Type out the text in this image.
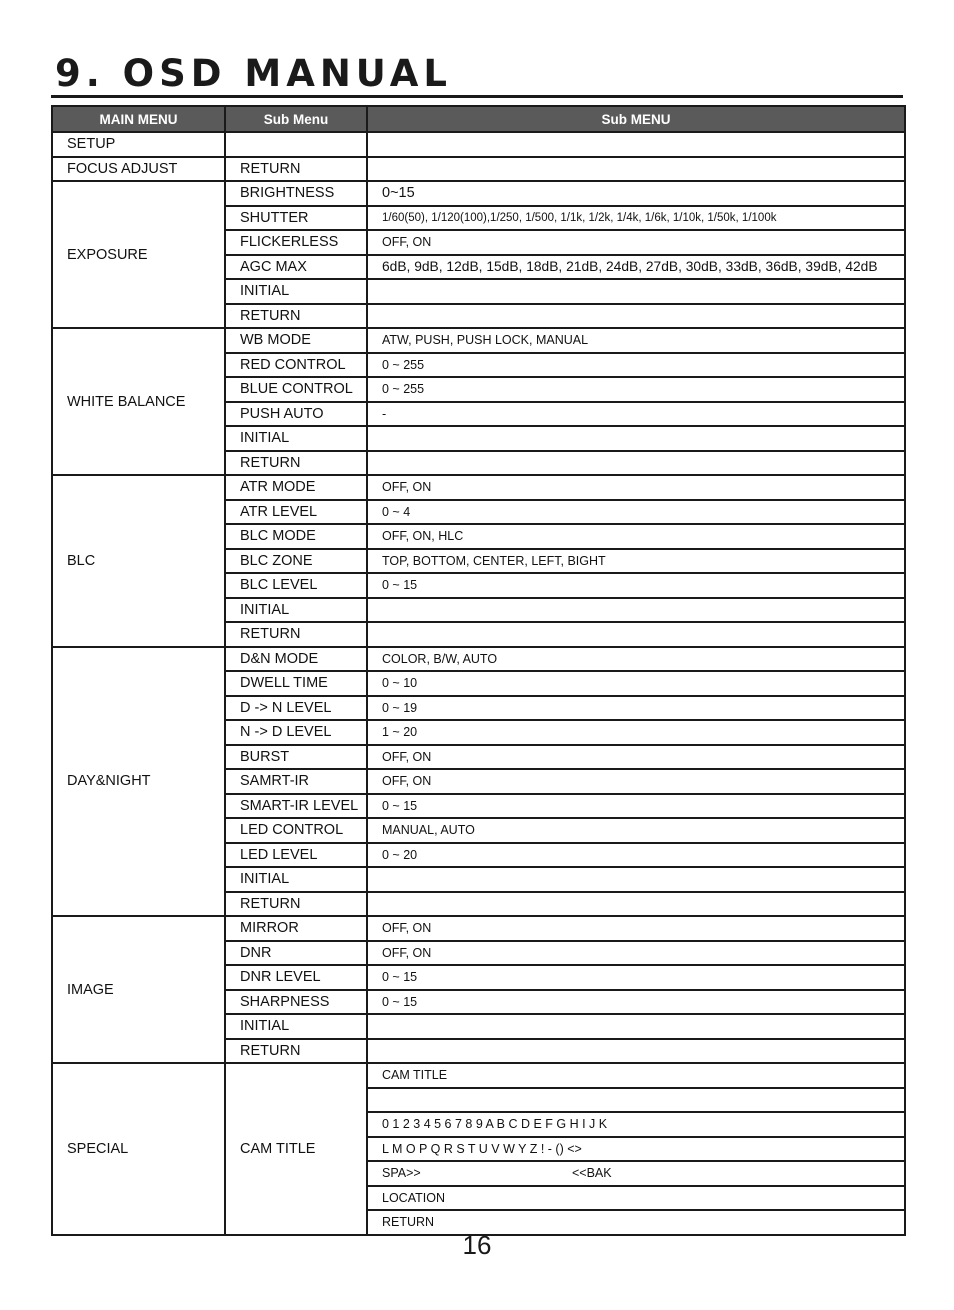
9. OSD MANUAL
MAIN MENU	Sub Menu	Sub MENU
SETUP		
FOCUS ADJUST	RETURN	
EXPOSURE	BRIGHTNESS	0~15
	SHUTTER	1/60(50), 1/120(100),1/250, 1/500, 1/1k, 1/2k, 1/4k, 1/6k, 1/10k, 1/50k, 1/100k
	FLICKERLESS	OFF, ON
	AGC MAX	6dB, 9dB, 12dB, 15dB, 18dB, 21dB, 24dB, 27dB, 30dB, 33dB, 36dB, 39dB, 42dB
	INITIAL	
	RETURN	
WHITE BALANCE	WB MODE	ATW, PUSH, PUSH LOCK, MANUAL
	RED CONTROL	0 ~ 255
	BLUE CONTROL	0 ~ 255
	PUSH AUTO	-
	INITIAL	
	RETURN	
BLC	ATR MODE	OFF, ON
	ATR LEVEL	0 ~ 4
	BLC MODE	OFF, ON, HLC
	BLC ZONE	TOP, BOTTOM, CENTER, LEFT, BIGHT
	BLC LEVEL	0 ~ 15
	INITIAL	
	RETURN	
DAY&NIGHT	D&N MODE	COLOR, B/W, AUTO
	DWELL TIME	0 ~ 10
	D -> N LEVEL	0 ~ 19
	N -> D LEVEL	1 ~ 20
	BURST	OFF, ON
	SAMRT-IR	OFF, ON
	SMART-IR LEVEL	0 ~ 15
	LED CONTROL	MANUAL, AUTO
	LED LEVEL	0 ~ 20
	INITIAL	
	RETURN	
IMAGE	MIRROR	OFF, ON
	DNR	OFF, ON
	DNR LEVEL	0 ~ 15
	SHARPNESS	0 ~ 15
	INITIAL	
	RETURN	
SPECIAL	CAM TITLE	CAM TITLE

		0 1 2 3 4 5 6 7 8 9 A B C D E F G H I J K
		L M O P Q R S T U V W Y Z ! - () <>
		SPA>> <<BAK
		LOCATION
		RETURN
16
